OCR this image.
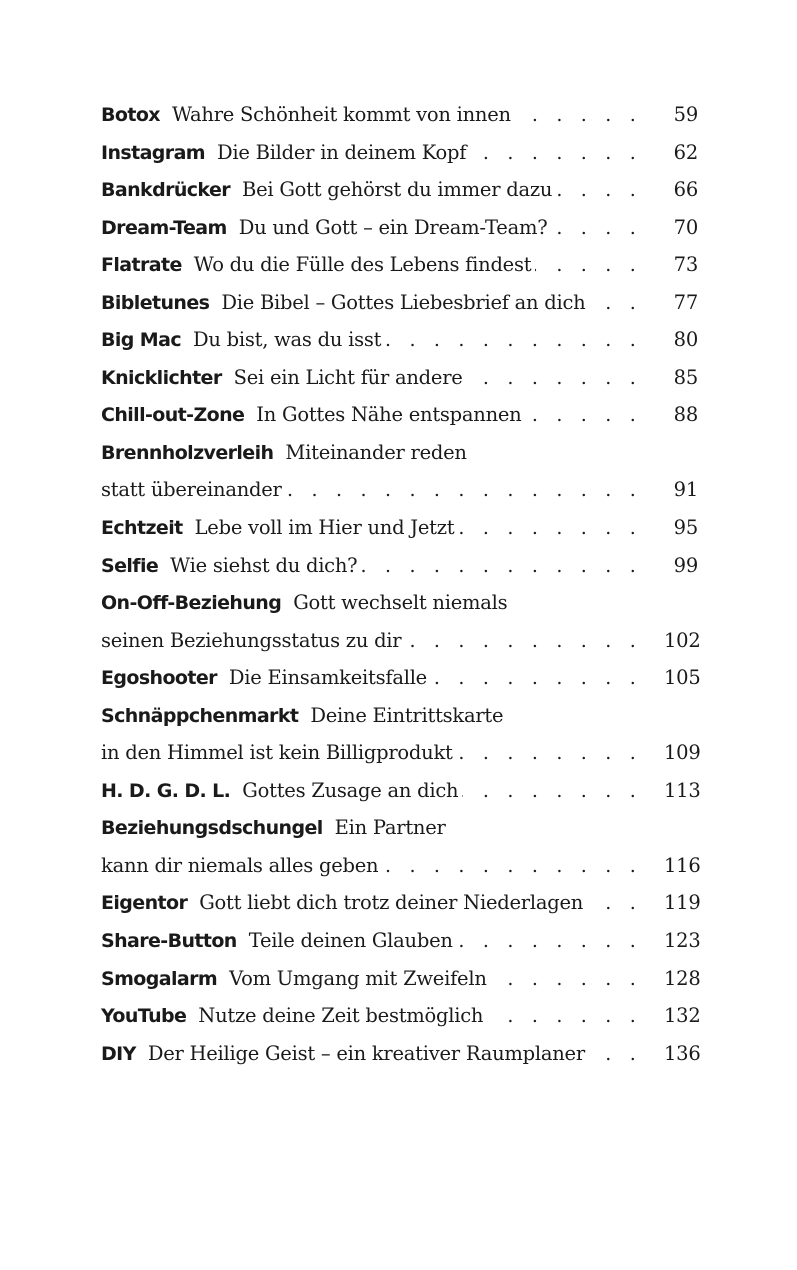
Botox Wahre Schönheit kommt von innen . . .	59
Instagram Die Bilder in deinem Kopf . . .	62
Bankdrücker Bei Gott gehörst du immer dazu . . .	66
Dream-Team Du und Gott – ein Dream-Team? . . .	70
Flatrate Wo du die Fülle des Lebens findest . . .	73
Bibletunes Die Bibel – Gottes Liebesbrief an dich . . .	77
Big Mac Du bist, was du isst . . .	80
Knicklichter Sei ein Licht für andere . . .	85
Chill-out-Zone In Gottes Nähe entspannen . . .	88
Brennholzverleih Miteinander reden
statt übereinander . . .	91
Echtzeit Lebe voll im Hier und Jetzt . . .	95
Selfie Wie siehst du dich? . . .	99
On-Off-Beziehung Gott wechselt niemals
seinen Beziehungsstatus zu dir . . .	102
Egoshooter Die Einsamkeitsfalle . . .	105
Schnäppchenmarkt Deine Eintrittskarte
in den Himmel ist kein Billigprodukt . . .	109
H. D. G. D. L. Gottes Zusage an dich . . .	113
Beziehungsdschungel Ein Partner
kann dir niemals alles geben . . .	116
Eigentor Gott liebt dich trotz deiner Niederlagen . . .	119
Share-Button Teile deinen Glauben . . .	123
Smogalarm Vom Umgang mit Zweifeln . . .	128
YouTube Nutze deine Zeit bestmöglich . . .	132
DIY Der Heilige Geist – ein kreativer Raumplaner . . .	136
